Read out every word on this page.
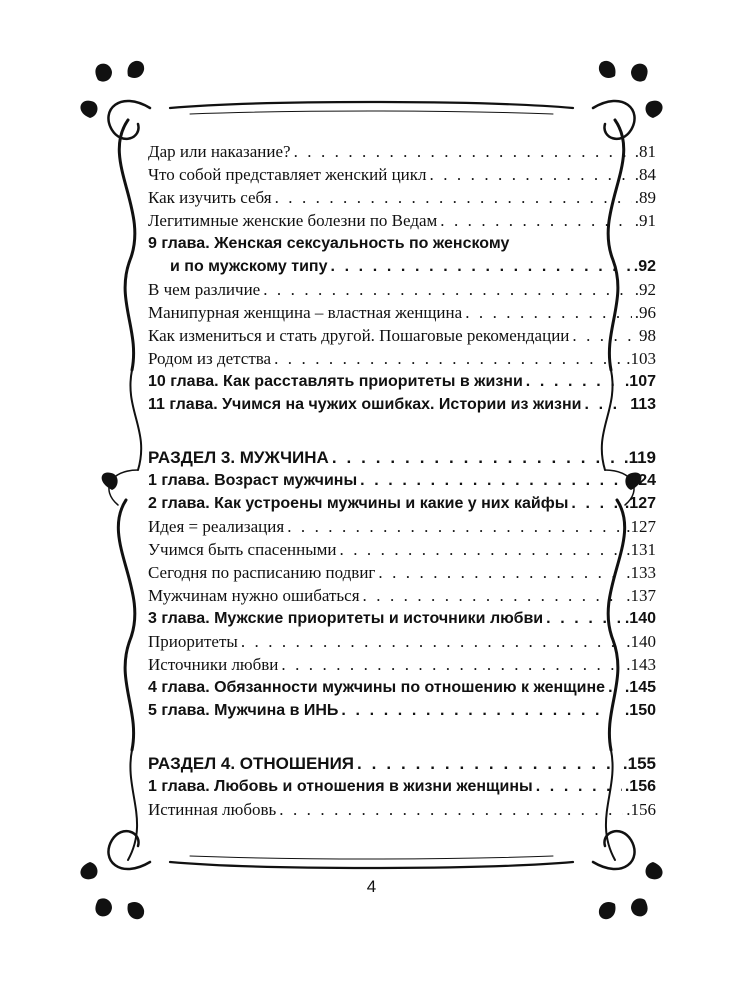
Дар или наказание? . . .	.81
Что собой представляет женский цикл . . .	.84
Как изучить себя . . .	.89
Легитимные женские болезни по Ведам . . .	.91
9 глава. Женская сексуальность по женскому
и по мужскому типу . . .	.92
В чем различие . . .	.92
Манипурная женщина – властная женщина . . .	.96
Как измениться и стать другой. Пошаговые рекомендации . . .	98
Родом из детства . . .	.103
10 глава. Как расставлять приоритеты в жизни . . .	.107
11 глава. Учимся на чужих ошибках. Истории из жизни . . .	113
РАЗДЕЛ 3. МУЖЧИНА . . .	.119
1 глава. Возраст мужчины . . .	.124
2 глава. Как устроены мужчины и какие у них кайфы . . .	.127
Идея = реализация . . .	.127
Учимся быть спасенными . . .	.131
Сегодня по расписанию подвиг . . .	.133
Мужчинам нужно ошибаться . . .	.137
3 глава. Мужские приоритеты и источники любви . . .	.140
Приоритеты . . .	.140
Источники любви . . .	.143
4 глава. Обязанности мужчины по отношению к женщине . . . .145
5 глава. Мужчина в ИНЬ . . .	.150
РАЗДЕЛ 4. ОТНОШЕНИЯ . . .	.155
1 глава. Любовь и отношения в жизни женщины . . .	.156
Истинная любовь . . .	.156
4
